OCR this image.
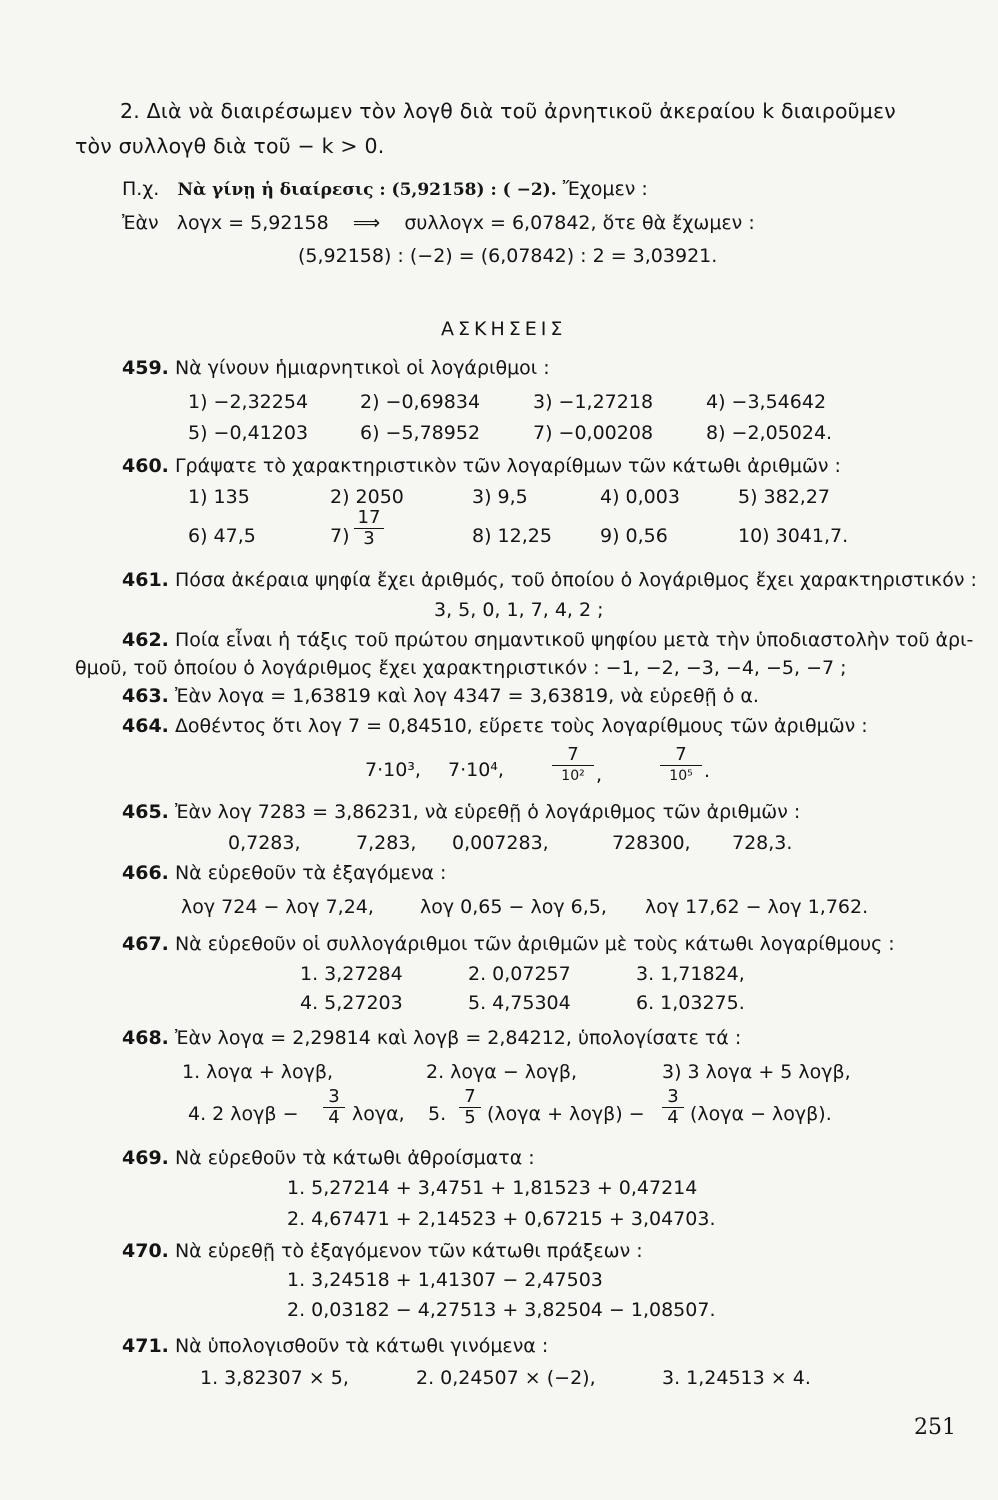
2. Διὰ νὰ διαιρέσωμεν τὸν λογθ διὰ τοῦ ἀρνητικοῦ ἀκεραίου k διαιροῦμεν
τὸν συλλογθ διὰ τοῦ − k > 0.
Π.χ. Νὰ γίνῃ ἡ διαίρεσις : (5,92158) : ( −2). Ἔχομεν :
Ἐὰν λογx = 5,92158 ⟹ συλλογx = 6,07842, ὅτε θὰ ἔχωμεν :
(5,92158) : (−2) = (6,07842) : 2 = 3,03921.
ΑΣΚΗΣΕΙΣ
459. Νὰ γίνουν ἡμιαρνητικοὶ οἱ λογάριθμοι :
1) −2,32254	2) −0,69834	3) −1,27218	4) −3,54642
5) −0,41203	6) −5,78952	7) −0,00208	8) −2,05024.
460. Γράψατε τὸ χαρακτηριστικὸν τῶν λογαρίθμων τῶν κάτωθι ἀριθμῶν :
1) 135	2) 2050	3) 9,5	4) 0,003	5) 382,27
6) 47,5	$7) \frac{17}{3}$	8) 12,25	9) 0,56	10) 3041,7.
461. Πόσα ἀκέραια ψηφία ἔχει ἀριθμός, τοῦ ὁποίου ὁ λογάριθμος ἔχει χαρακτηριστικόν :
3, 5, 0, 1, 7, 4, 2 ;
462. Ποία εἶναι ἡ τάξις τοῦ πρώτου σημαντικοῦ ψηφίου μετὰ τὴν ὑποδιαστολὴν τοῦ ἀρι-
θμοῦ, τοῦ ὁποίου ὁ λογάριθμος ἔχει χαρακτηριστικόν : −1, −2, −3, −4, −5, −7 ;
463. Ἐὰν λογα = 1,63819 καὶ λογ 4347 = 3,63819, νὰ εὑρεθῇ ὁ α.
464. Δοθέντος ὅτι λογ 7 = 0,84510, εὕρετε τοὺς λογαρίθμους τῶν ἀριθμῶν :
7·10³, 7·10⁴,
7
10² ,
7
10⁵ .
465. Ἐὰν λογ 7283 = 3,86231, νὰ εὑρεθῇ ὁ λογάριθμος τῶν ἀριθμῶν :
0,7283,	7,283, 0,007283,	728300, 728,3.
466. Νὰ εὑρεθοῦν τὰ ἐξαγόμενα :
λογ 724 − λογ 7,24, λογ 0,65 − λογ 6,5, λογ 17,62 − λογ 1,762.
467. Νὰ εὑρεθοῦν οἱ συλλογάριθμοι τῶν ἀριθμῶν μὲ τοὺς κάτωθι λογαρίθμους :
1. 3,27284	2. 0,07257	3. 1,71824,
4. 5,27203	5. 4,75304	6. 1,03275.
468. Ἐὰν λογα = 2,29814 καὶ λογβ = 2,84212, ὑπολογίσατε τά :
1. λογα + λογβ,	2. λογα − λογβ,	3) 3 λογα + 5 λογβ,
4. 2 $\lambda o\gamma\beta - \frac{3}{4} \lambda o\gamma\alpha$, 5. $\frac{7}{5} (\lambda o\gamma\alpha + \lambda o\gamma\beta) - \frac{3}{4} (\lambda o\gamma\alpha - \lambda o\gamma\beta)$.
469. Νὰ εὑρεθοῦν τὰ κάτωθι ἀθροίσματα :
1. 5,27214 + 3,4751 + 1,81523 + 0,47214
2. 4,67471 + 2,14523 + 0,67215 + 3,04703.
470. Νὰ εὑρεθῇ τὸ ἐξαγόμενον τῶν κάτωθι πράξεων :
1. 3,24518 + 1,41307 − 2,47503
2. 0,03182 − 4,27513 + 3,82504 − 1,08507.
471. Νὰ ὑπολογισθοῦν τὰ κάτωθι γινόμενα :
1. 3,82307 × 5,	2. 0,24507 × (−2),	3. 1,24513 × 4.
251
